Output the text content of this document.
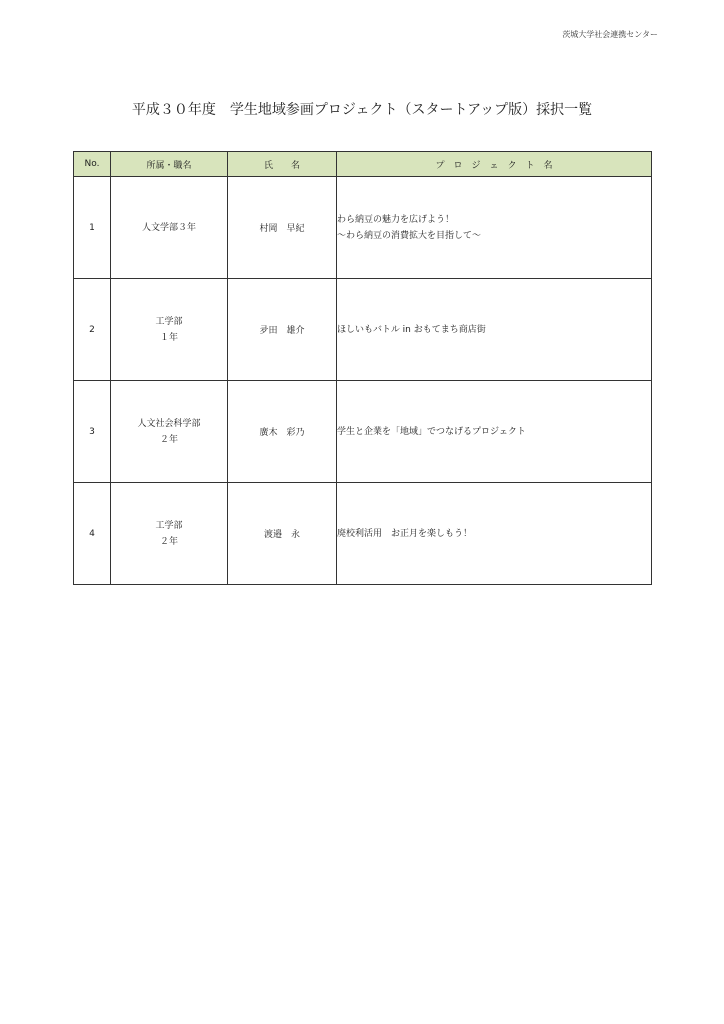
茨城大学社会連携センター
平成３０年度　学生地域参画プロジェクト（スタートアップ版）採択一覧
No.	所属・職名	氏　　名	プ　ロ　ジ　ェ　ク　ト　名
1	人文学部３年	村岡　早紀	わら納豆の魅力を広げよう！
～わら納豆の消費拡大を目指して～

2	工学部
１年	夛田　雄介	ほしいもバトル in おもてまち商店街

3	人文社会科学部
２年	廣木　彩乃	学生と企業を「地域」でつなげるプロジェクト

4	工学部
２年	渡邉　永	廃校利活用　お正月を楽しもう！
